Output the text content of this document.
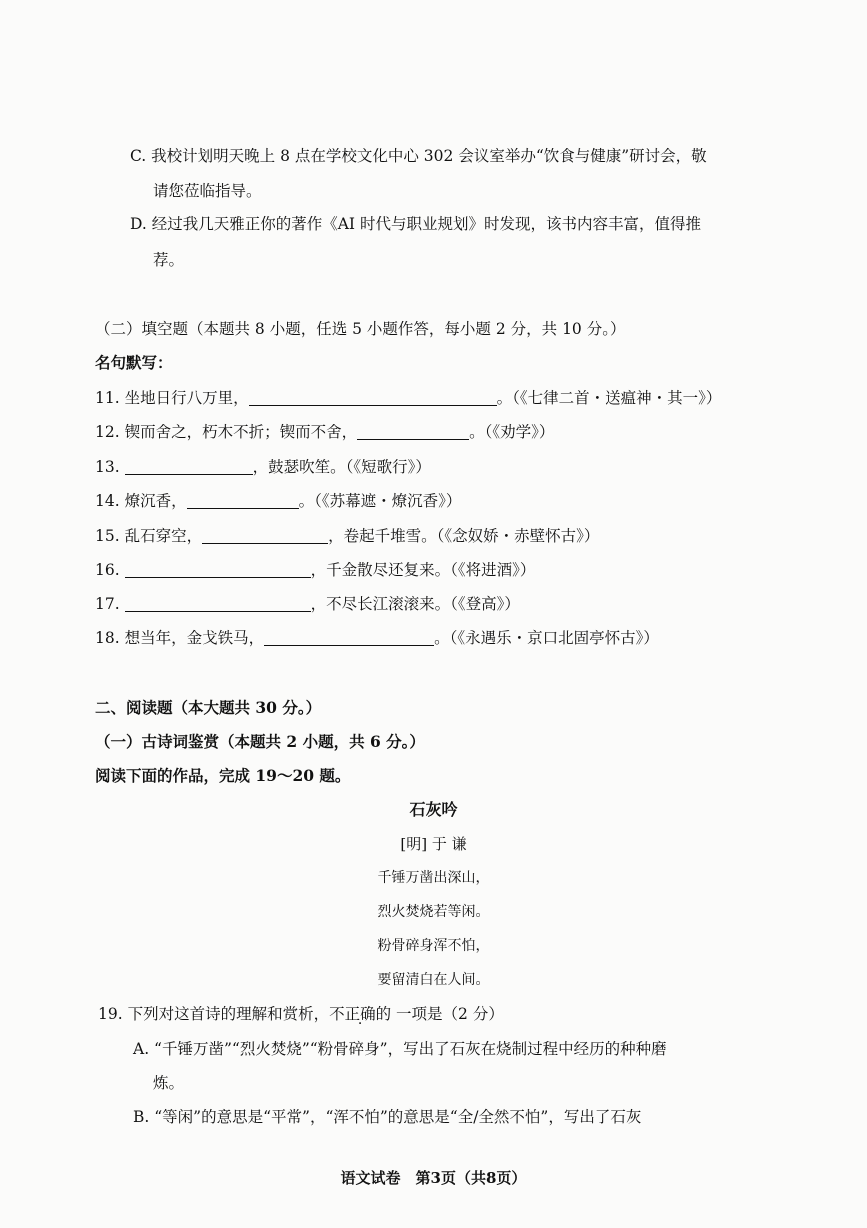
C. 我校计划明天晚上 8 点在学校文化中心 302 会议室举办“饮食与健康”研讨会，敬
请您莅临指导。
D. 经过我几天雅正你的著作《AI 时代与职业规划》时发现，该书内容丰富，值得推
荐。
（二）填空题（本题共 8 小题，任选 5 小题作答，每小题 2 分，共 10 分。）
名句默写：
11. 坐地日行八万里，	。（《七律二首・送瘟神・其一》）
12. 锲而舍之，朽木不折；锲而不舍，	。（《劝学》）
13.	，鼓瑟吹笙。（《短歌行》）
14. 燎沉香，	。（《苏幕遮・燎沉香》）
15. 乱石穿空，	，卷起千堆雪。（《念奴娇・赤壁怀古》）
16.	，千金散尽还复来。（《将进酒》）
17.	，不尽长江滚滚来。（《登高》）
18. 想当年，金戈铁马，	。（《永遇乐・京口北固亭怀古》）
二、阅读题（本大题共 30 分。）
（一）古诗词鉴赏（本题共 2 小题，共 6 分。）
阅读下面的作品，完成 19～20 题。
石灰吟
[明] 于 谦
千锤万凿出深山，
烈火焚烧若等闲。
粉骨碎身浑不怕，
要留清白在人间。
19. 下列对这首诗的理解和赏析，不正确的 一项是（2 分）
A. “千锤万凿”“烈火焚烧”“粉骨碎身”，写出了石灰在烧制过程中经历的种种磨
炼。
B. “等闲”的意思是“平常”，“浑不怕”的意思是“全/全然不怕”，写出了石灰
语文试卷　第3页（共8页）
